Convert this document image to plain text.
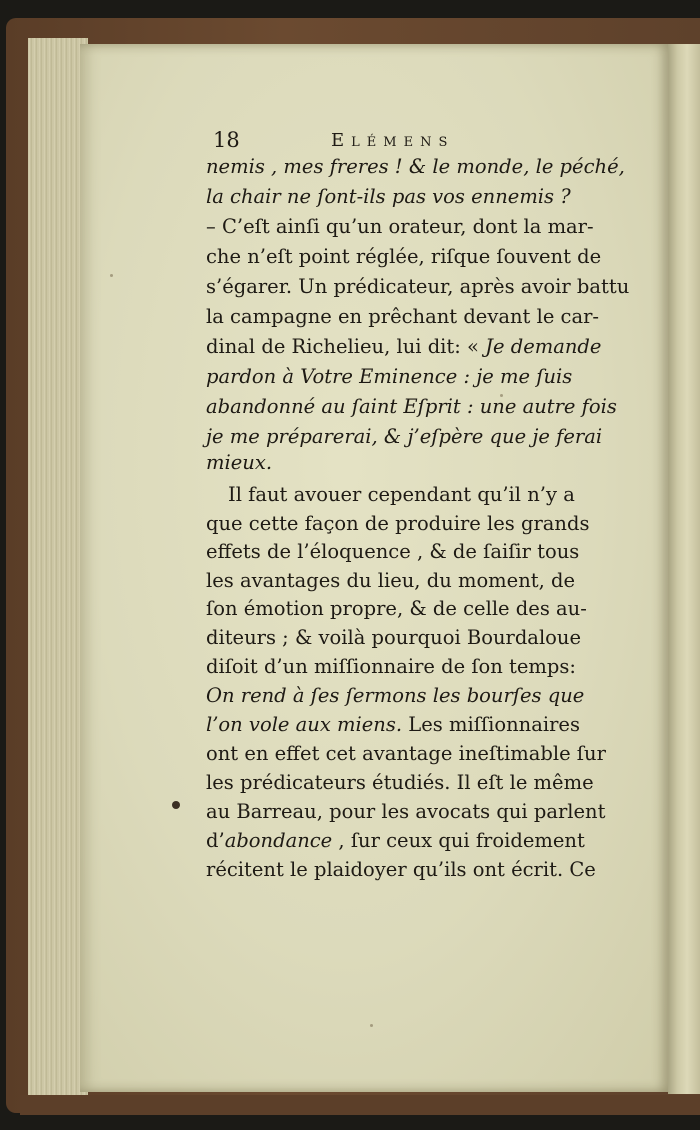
18	Elémens
nemis , mes freres ! & le monde, le péché,
la chair ne ſont-ils pas vos ennemis ?
– C’eſt ainſi qu’un orateur, dont la mar-
che n’eſt point réglée, riſque ſouvent de
s’égarer. Un prédicateur, après avoir battu
la campagne en prêchant devant le car-
dinal de Richelieu, lui dit: « Je demande
pardon à Votre Eminence : je me ſuis
abandonné au ſaint Eſprit : une autre fois
je me préparerai, & j’eſpère que je ferai
mieux.
Il faut avouer cependant qu’il n’y a
que cette façon de produire les grands
effets de l’éloquence , & de ſaiſir tous
les avantages du lieu, du moment, de
ſon émotion propre, & de celle des au-
diteurs ; & voilà pourquoi Bourdaloue
diſoit d’un miſſionnaire de ſon temps:
On rend à ſes ſermons les bourſes que
l’on vole aux miens. Les miſſionnaires
ont en effet cet avantage ineſtimable ſur
les prédicateurs étudiés. Il eſt le même
au Barreau, pour les avocats qui parlent
d’abondance , ſur ceux qui froidement
récitent le plaidoyer qu’ils ont écrit. Ce
